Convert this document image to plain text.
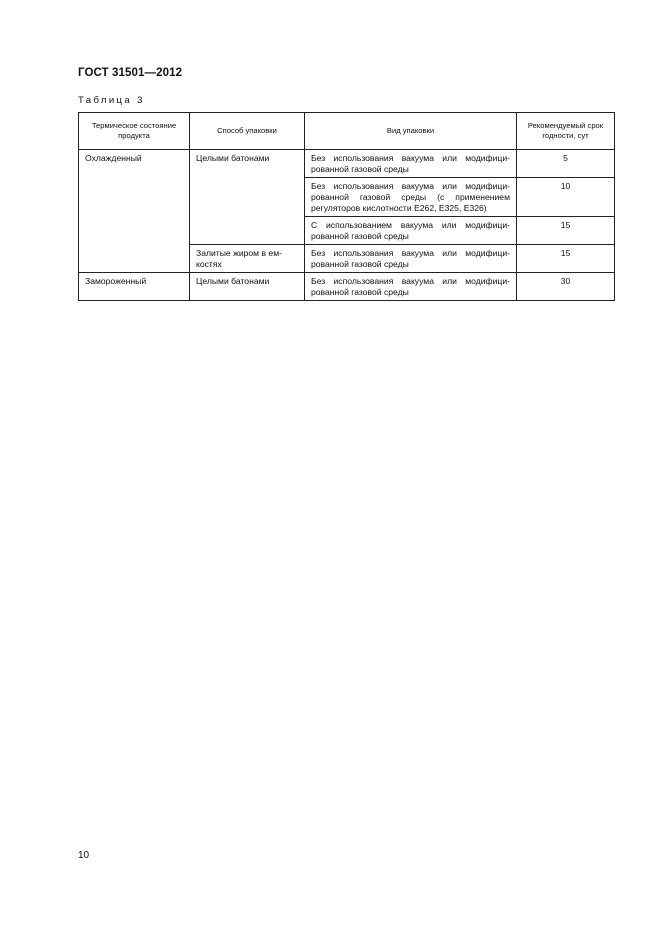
ГОСТ 31501—2012
Таблица 3
Термическое состояние продукта	Способ упаковки	Вид упаковки	Рекомендуемый срок годности, сут
Охлажденный	Целыми батонами	Без использования вакуума или модифици-рованной газовой среды	5
		Без использования вакуума или модифици-рованной газовой среды (с применением регуляторов кислотности Е262, Е325, Е326)	10
		С использованием вакуума или модифици-рованной газовой среды	15
	Залитые жиром в ем-костях	Без использования вакуума или модифици-рованной газовой среды	15
Замороженный	Целыми батонами	Без использования вакуума или модифици-рованной газовой среды	30
10
